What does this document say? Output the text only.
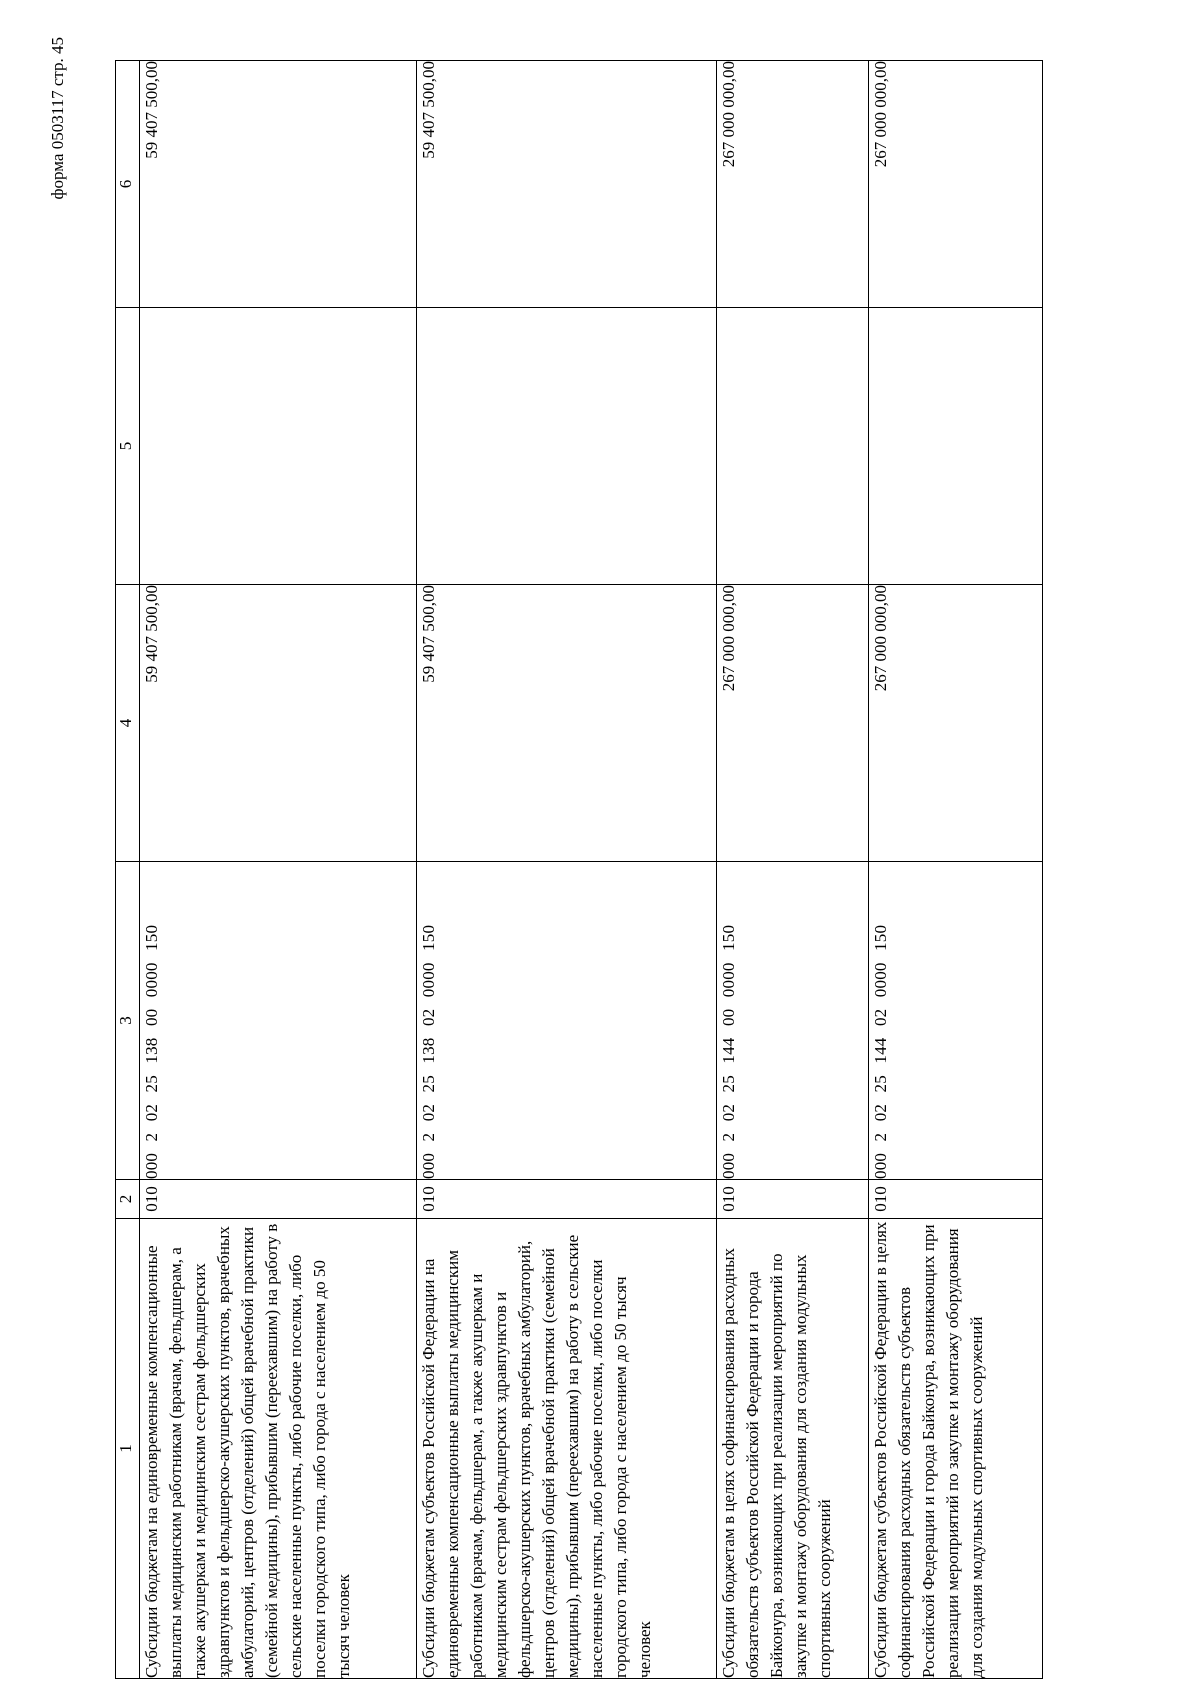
форма 0503117 стр. 45
1	2	3	4	5	6
Субсидии бюджетам на единовременные компенсационные выплаты медицинским работникам (врачам, фельдшерам, а также акушеркам и медицинским сестрам фельдшерских здравпунктов и фельдшерско-акушерских пунктов, врачебных амбулаторий, центров (отделений) общей врачебной практики (семейной медицины), прибывшим (переехавшим) на работу в сельские населенные пункты, либо рабочие поселки, либо поселки городского типа, либо города с населением до 50 тысяч человек	010	000 2 02 25 138 00 0000 150	59 407 500,00		59 407 500,00
Субсидии бюджетам субъектов Российской Федерации на единовременные компенсационные выплаты медицинским работникам (врачам, фельдшерам, а также акушеркам и медицинским сестрам фельдшерских здравпунктов и фельдшерско-акушерских пунктов, врачебных амбулаторий, центров (отделений) общей врачебной практики (семейной медицины), прибывшим (переехавшим) на работу в сельские населенные пункты, либо рабочие поселки, либо поселки городского типа, либо города с населением до 50 тысяч человек	010	000 2 02 25 138 02 0000 150	59 407 500,00		59 407 500,00
Субсидии бюджетам в целях софинансирования расходных обязательств субъектов Российской Федерации и города Байконура, возникающих при реализации мероприятий по закупке и монтажу оборудования для создания модульных спортивных сооружений	010	000 2 02 25 144 00 0000 150	267 000 000,00		267 000 000,00
Субсидии бюджетам субъектов Российской Федерации в целях софинансирования расходных обязательств субъектов Российской Федерации и города Байконура, возникающих при реализации мероприятий по закупке и монтажу оборудования для создания модульных спортивных сооружений	010	000 2 02 25 144 02 0000 150	267 000 000,00		267 000 000,00
